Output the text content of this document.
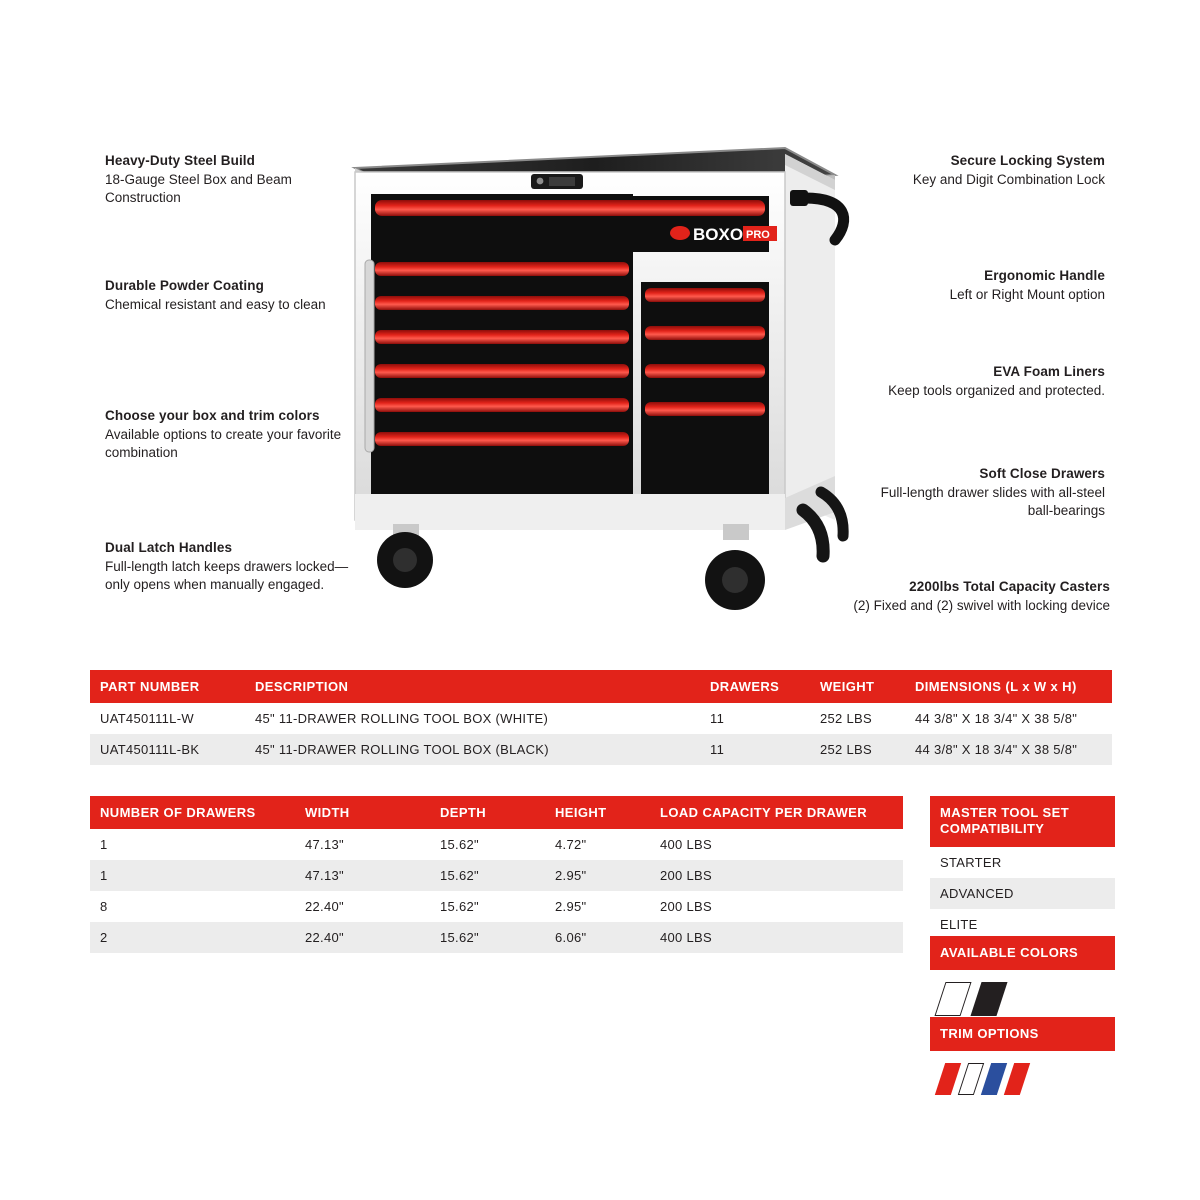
Heavy-Duty Steel Build
18-Gauge Steel Box and Beam Construction
Durable Powder Coating
Chemical resistant and easy to clean
Choose your box and trim colors
Available options to create your favorite combination
Dual Latch Handles
Full-length latch keeps drawers locked—only opens when manually engaged.
Secure Locking System
Key and Digit Combination Lock
Ergonomic Handle
Left or Right Mount option
EVA Foam Liners
Keep tools organized and protected.
Soft Close Drawers
Full-length drawer slides with all-steel ball-bearings
2200lbs Total Capacity Casters
(2) Fixed and (2) swivel with locking device
BOXO PRO
PART NUMBER	DESCRIPTION	DRAWERS	WEIGHT	DIMENSIONS (L x W x H)
UAT450111L-W	45" 11-DRAWER ROLLING TOOL BOX (WHITE)	11	252 LBS	44 3/8" X 18 3/4" X 38 5/8"
UAT450111L-BK	45" 11-DRAWER ROLLING TOOL BOX (BLACK)	11	252 LBS	44 3/8" X 18 3/4" X 38 5/8"
NUMBER OF DRAWERS	WIDTH	DEPTH	HEIGHT	LOAD CAPACITY PER DRAWER
1	47.13"	15.62"	4.72"	400 LBS
1	47.13"	15.62"	2.95"	200 LBS
8	22.40"	15.62"	2.95"	200 LBS
2	22.40"	15.62"	6.06"	400 LBS
MASTER TOOL SET COMPATIBILITY
STARTER
ADVANCED
ELITE
AVAILABLE COLORS
TRIM OPTIONS
